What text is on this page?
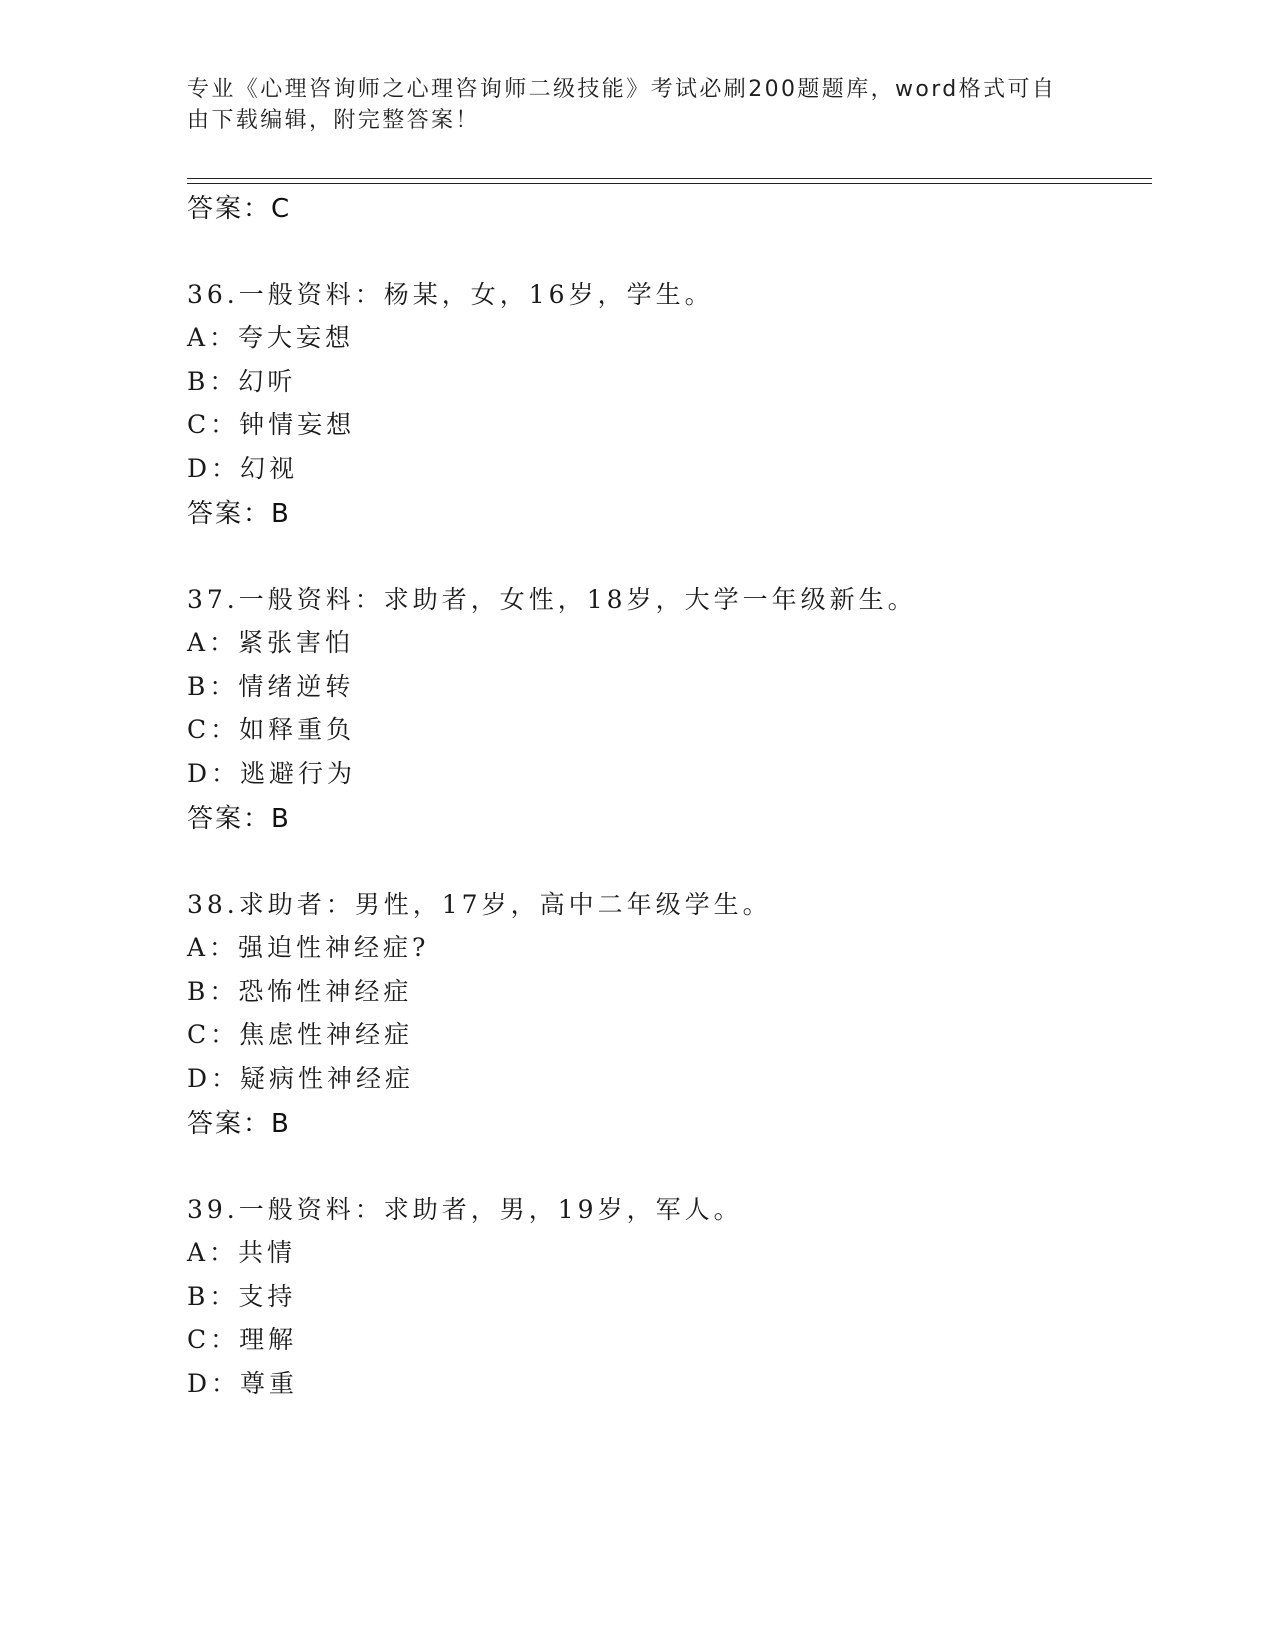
专业《心理咨询师之心理咨询师二级技能》考试必刷200题题库，word格式可自
由下载编辑，附完整答案！
答案：C
36.一般资料：杨某，女，16岁，学生。
A：夸大妄想
B：幻听
C：钟情妄想
D：幻视
答案：B
37.一般资料：求助者，女性，18岁，大学一年级新生。
A：紧张害怕
B：情绪逆转
C：如释重负
D：逃避行为
答案：B
38.求助者：男性，17岁，高中二年级学生。
A：强迫性神经症?
B：恐怖性神经症
C：焦虑性神经症
D：疑病性神经症
答案：B
39.一般资料：求助者，男，19岁，军人。
A：共情
B：支持
C：理解
D：尊重
